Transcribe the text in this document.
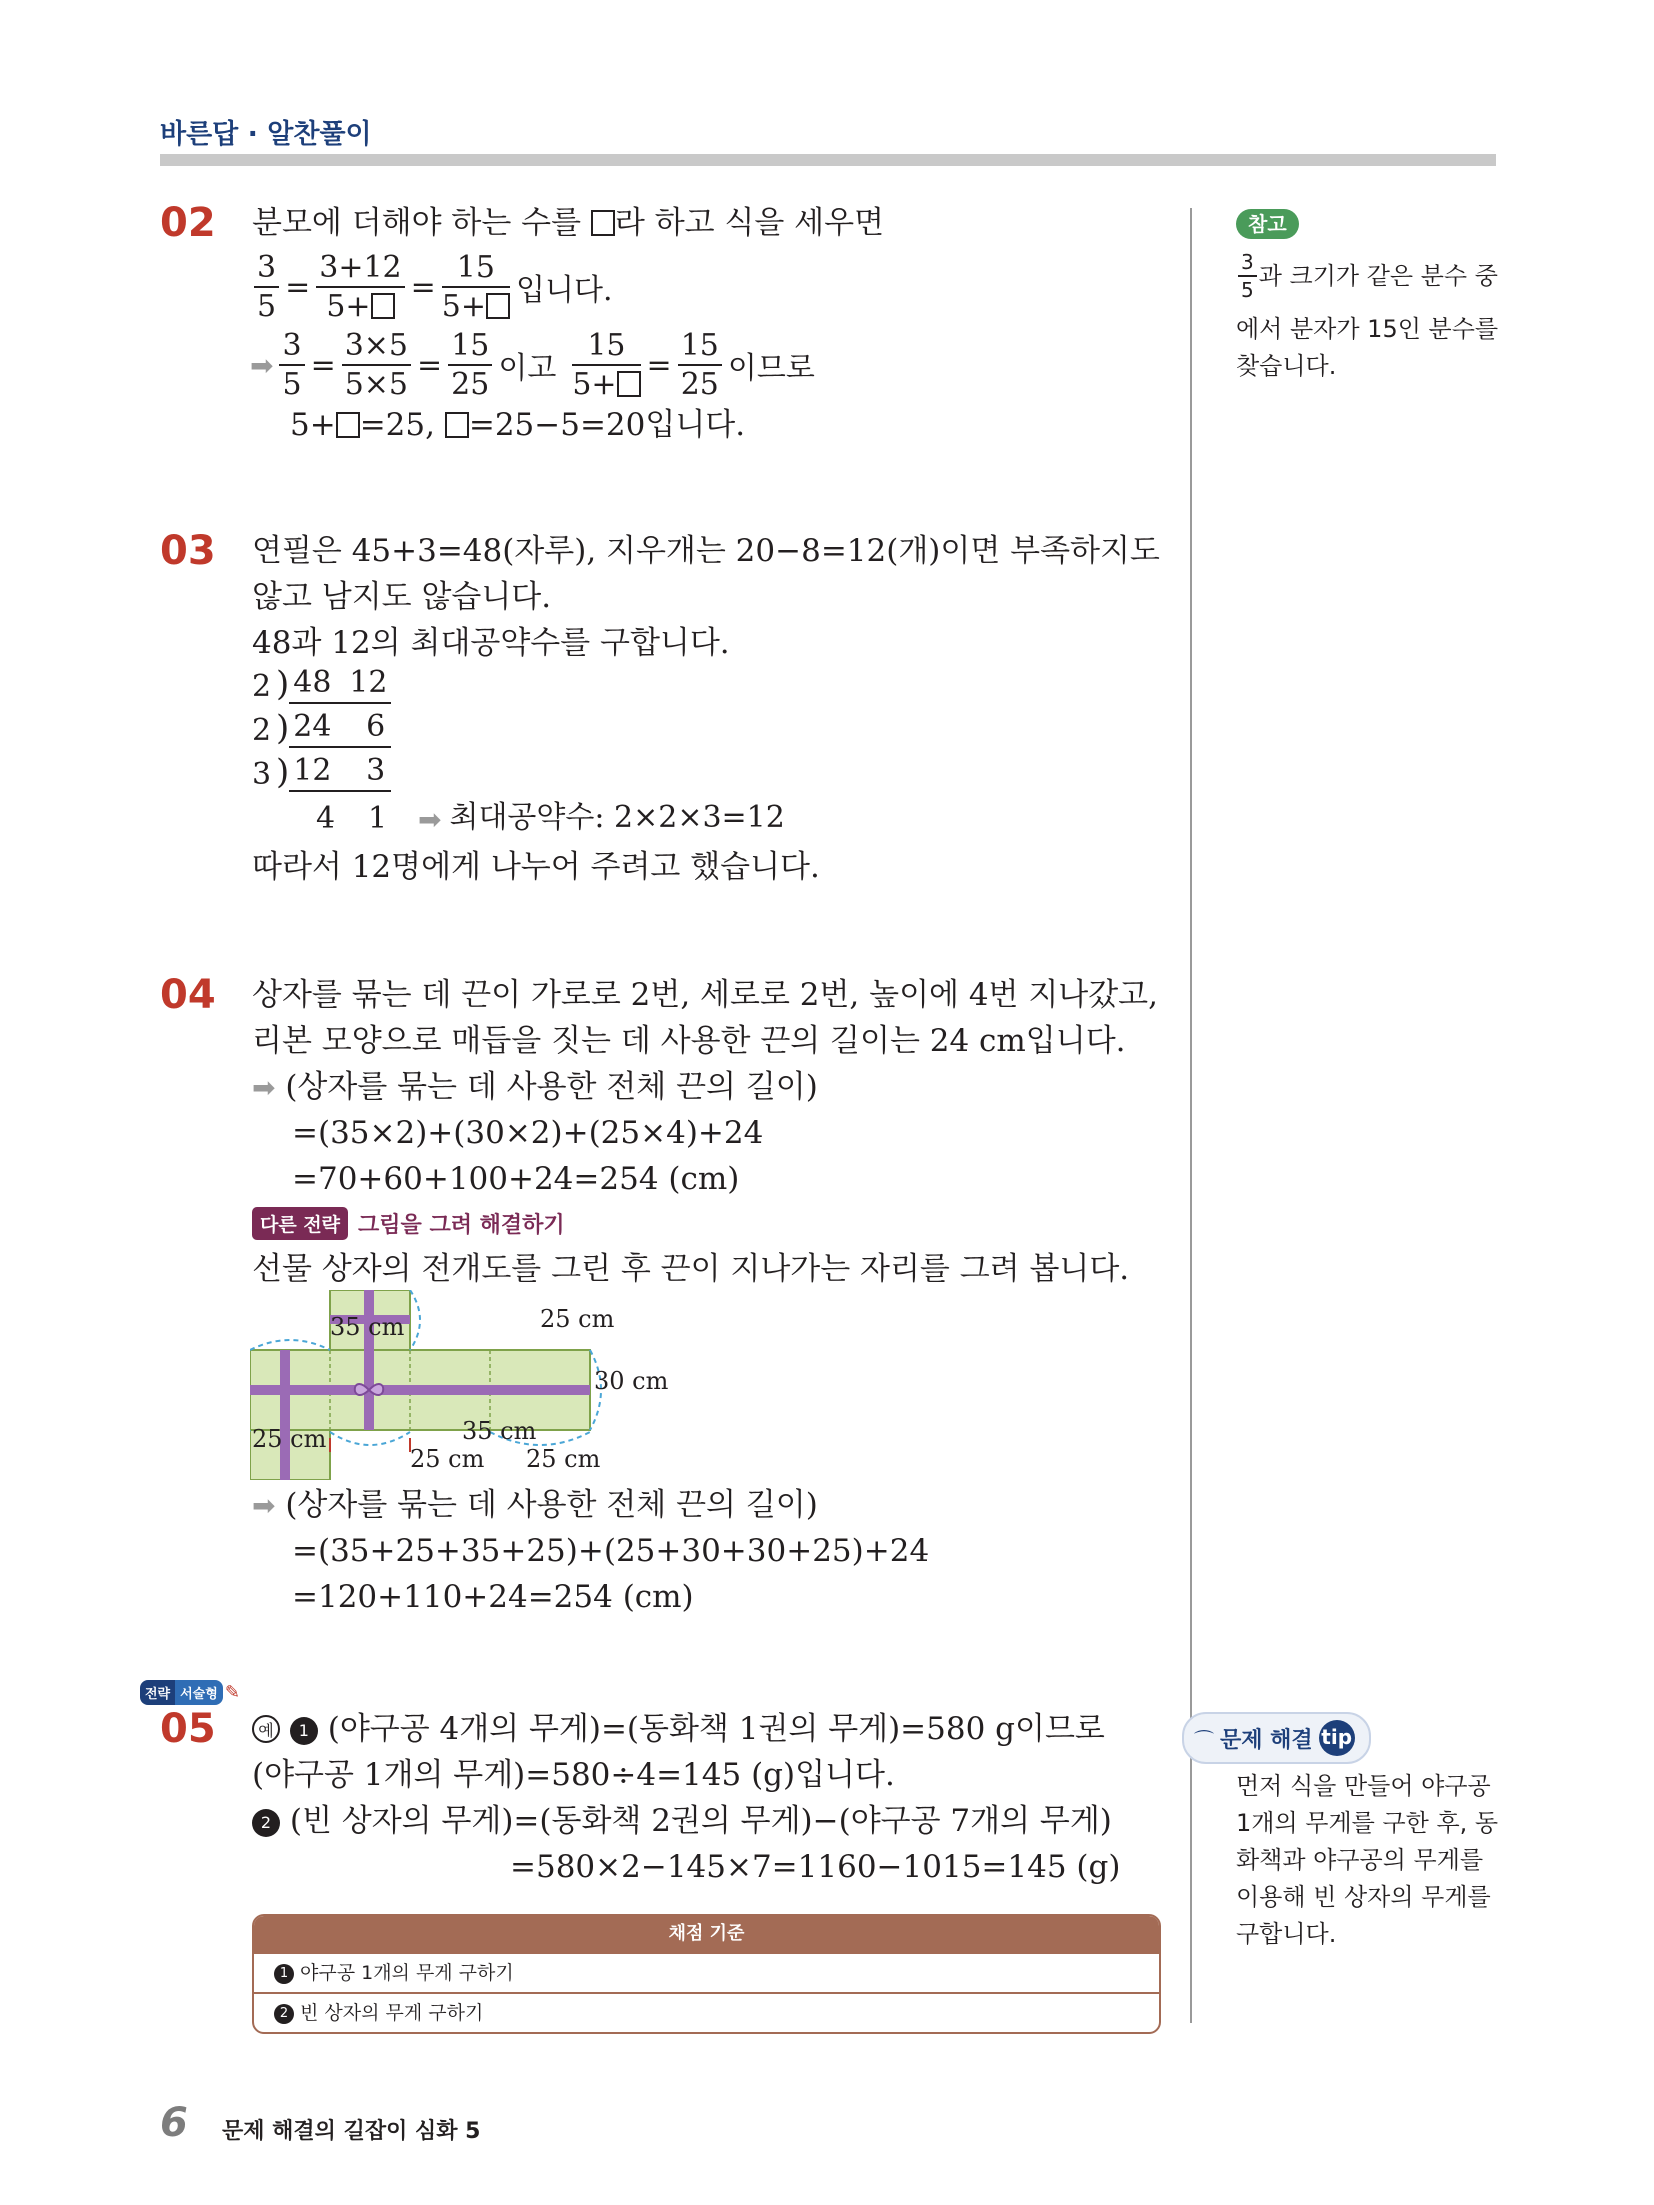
바른답 · 알찬풀이
02 분모에 더해야 하는 수를 라 하고 식을 세우면
$\frac{3}{5} = \frac{3+12}{5+} = \frac{15}{5+}$ 입니다.
➡ $\frac{3}{5} = \frac{3\times 5}{5\times 5} = \frac{15}{25}$ 이고 $\frac{15}{5+} = \frac{15}{25}$ 이므로
5+ =25, =25−5=20입니다.
03 연필은 45+3=48(자루), 지우개는 20−8=12(개)이면 부족하지도
않고 남지도 않습니다.
48과 12의 최대공약수를 구합니다.
2 ) 48 12
2 ) 24 6
3 ) 12 3
4	1	➡ 최대공약수: 2×2×3=12
따라서 12명에게 나누어 주려고 했습니다.
04 상자를 묶는 데 끈이 가로로 2번, 세로로 2번, 높이에 4번 지나갔고,
리본 모양으로 매듭을 짓는 데 사용한 끈의 길이는 24 cm입니다.
➡ (상자를 묶는 데 사용한 전체 끈의 길이)
=(35×2)+(30×2)+(25×4)+24
=70+60+100+24=254 (cm)
다른 전략 그림을 그려 해결하기
선물 상자의 전개도를 그린 후 끈이 지나가는 자리를 그려 봅니다.
35 cm	25 cm
30 cm
25 cm	35 cm
25 cm 25 cm
➡ (상자를 묶는 데 사용한 전체 끈의 길이)
=(35+25+35+25)+(25+30+30+25)+24
=120+110+24=254 (cm)
전략 서술형 ✎
05	예 1 (야구공 4개의 무게)=(동화책 1권의 무게)=580 g이므로
(야구공 1개의 무게)=580÷4=145 (g)입니다.
2 (빈 상자의 무게)=(동화책 2권의 무게)−(야구공 7개의 무게)
=580×2−145×7=1160−1015=145 (g)
채점 기준
1 야구공 1개의 무게 구하기
2 빈 상자의 무게 구하기
참고
$\frac{3}{5}$ 과 크기가 같은 분수 중
에서 분자가 15인 분수를
찾습니다.
⌒ 문제 해결 tip
먼저 식을 만들어 야구공
1개의 무게를 구한 후, 동
화책과 야구공의 무게를
이용해 빈 상자의 무게를
구합니다.
6 문제 해결의 길잡이 심화 5
